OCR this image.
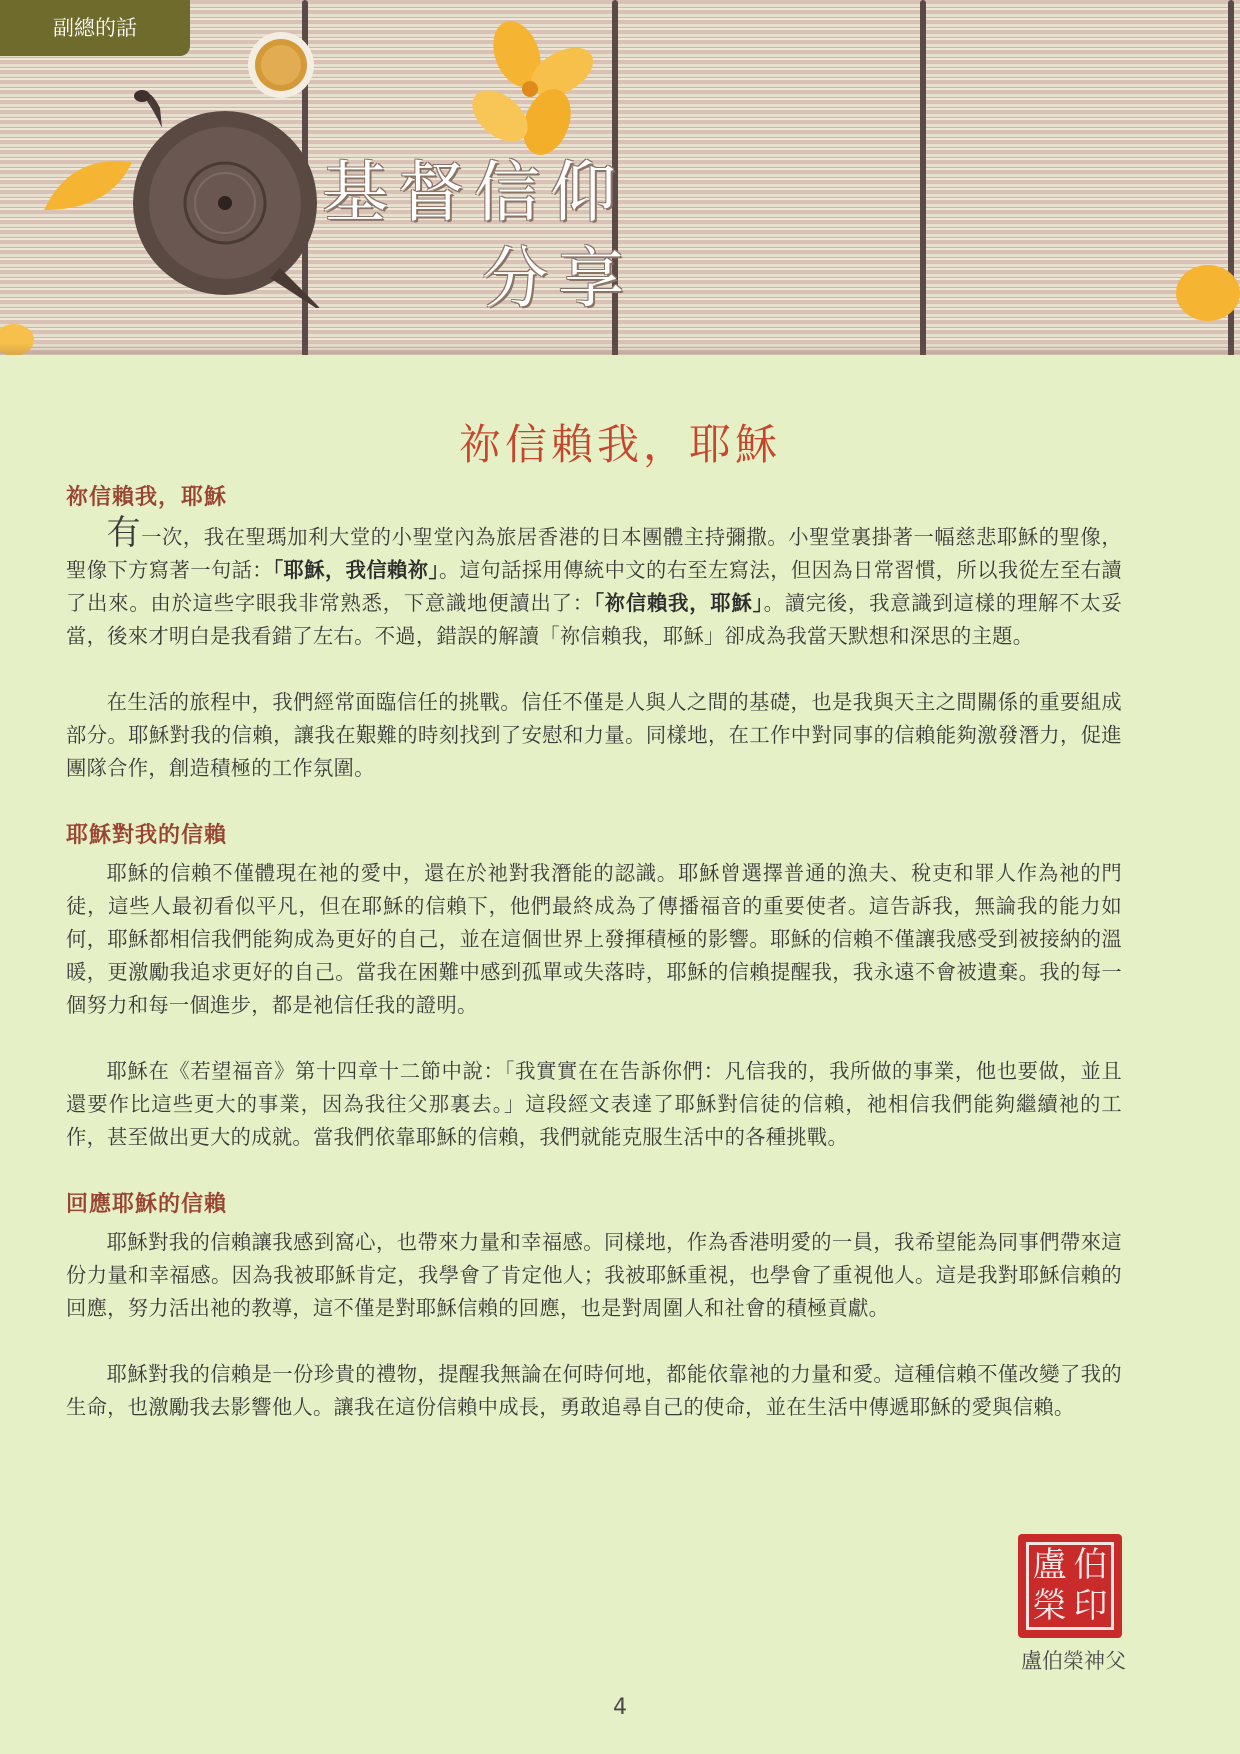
副總的話
基督信仰
分享
祢信賴我，耶穌
祢信賴我，耶穌

有一次，我在聖瑪加利大堂的小聖堂內為旅居香港的日本團體主持彌撒。小聖堂裏掛著一幅慈悲耶穌的聖像，聖像下方寫著一句話：「耶穌，我信賴祢」。這句話採用傳統中文的右至左寫法，但因為日常習慣，所以我從左至右讀了出來。由於這些字眼我非常熟悉，下意識地便讀出了：「祢信賴我，耶穌」。讀完後，我意識到這樣的理解不太妥當，後來才明白是我看錯了左右。不過，錯誤的解讀「祢信賴我，耶穌」卻成為我當天默想和深思的主題。

在生活的旅程中，我們經常面臨信任的挑戰。信任不僅是人與人之間的基礎，也是我與天主之間關係的重要組成部分。耶穌對我的信賴，讓我在艱難的時刻找到了安慰和力量。同樣地，在工作中對同事的信賴能夠激發潛力，促進團隊合作，創造積極的工作氛圍。

耶穌對我的信賴

耶穌的信賴不僅體現在祂的愛中，還在於祂對我潛能的認識。耶穌曾選擇普通的漁夫、稅吏和罪人作為祂的門徒，這些人最初看似平凡，但在耶穌的信賴下，他們最終成為了傳播福音的重要使者。這告訴我，無論我的能力如何，耶穌都相信我們能夠成為更好的自己，並在這個世界上發揮積極的影響。耶穌的信賴不僅讓我感受到被接納的溫暖，更激勵我追求更好的自己。當我在困難中感到孤單或失落時，耶穌的信賴提醒我，我永遠不會被遺棄。我的每一個努力和每一個進步，都是祂信任我的證明。

耶穌在《若望福音》第十四章十二節中說：「我實實在在告訴你們：凡信我的，我所做的事業，他也要做，並且還要作比這些更大的事業，因為我往父那裏去。」這段經文表達了耶穌對信徒的信賴，祂相信我們能夠繼續祂的工作，甚至做出更大的成就。當我們依靠耶穌的信賴，我們就能克服生活中的各種挑戰。

回應耶穌的信賴

耶穌對我的信賴讓我感到窩心，也帶來力量和幸福感。同樣地，作為香港明愛的一員，我希望能為同事們帶來這份力量和幸福感。因為我被耶穌肯定，我學會了肯定他人；我被耶穌重視，也學會了重視他人。這是我對耶穌信賴的回應，努力活出祂的教導，這不僅是對耶穌信賴的回應，也是對周圍人和社會的積極貢獻。

耶穌對我的信賴是一份珍貴的禮物，提醒我無論在何時何地，都能依靠祂的力量和愛。這種信賴不僅改變了我的生命，也激勵我去影響他人。讓我在這份信賴中成長，勇敢追尋自己的使命，並在生活中傳遞耶穌的愛與信賴。

盧 伯
榮 印
盧伯榮神父
4
